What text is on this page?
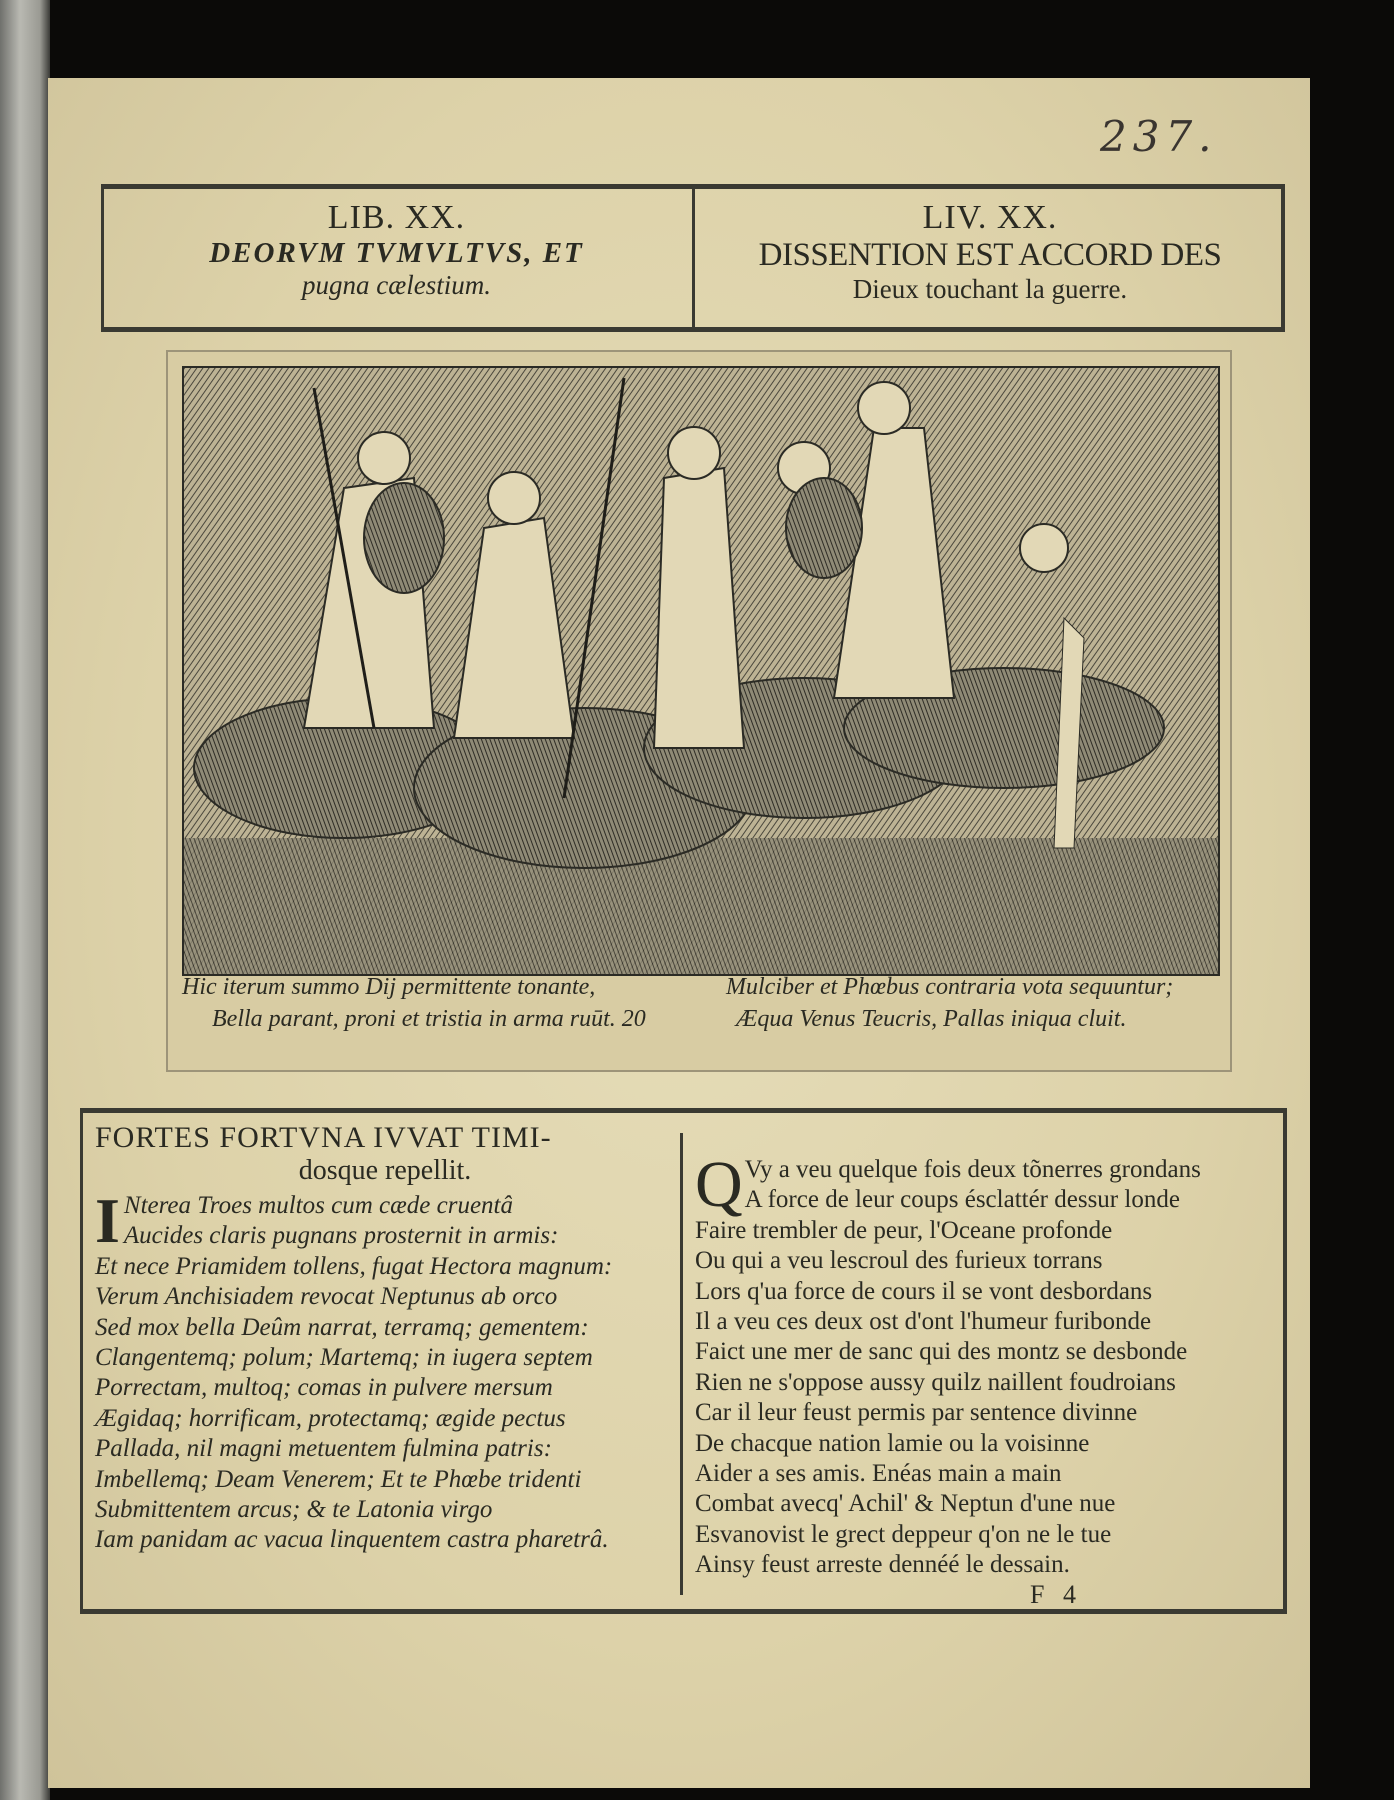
237.
LIB. XX.
DEORVM TVMVLTVS, ET
pugna cælestium.
LIV. XX.
DISSENTION EST ACCORD DES
Dieux touchant la guerre.
Hic iterum summo Dij permittente tonante,
Bella parant, proni et tristia in arma ruūt. 20
Mulciber et Phœbus contraria vota sequuntur;
Æqua Venus Teucris, Pallas iniqua cluit.
FORTES FORTVNA IVVAT TIMI-
dosque repellit.
I Nterea Troes multos cum cæde cruentâ
Aucides claris pugnans prosternit in armis:
Et nece Priamidem tollens, fugat Hectora magnum:
Verum Anchisiadem revocat Neptunus ab orco
Sed mox bella Deûm narrat, terramq; gementem:
Clangentemq; polum; Martemq; in iugera septem
Porrectam, multoq; comas in pulvere mersum
Ægidaq; horrificam, protectamq; ægide pectus
Pallada, nil magni metuentem fulmina patris:
Imbellemq; Deam Venerem; Et te Phœbe tridenti
Submittentem arcus; & te Latonia virgo
Iam panidam ac vacua linquentem castra pharetrâ.
Q Vy a veu quelque fois deux tõnerres grondans
A force de leur coups ésclattér dessur londe
Faire trembler de peur, l'Oceane profonde
Ou qui a veu lescroul des furieux torrans
Lors q'ua force de cours il se vont desbordans
Il a veu ces deux ost d'ont l'humeur furibonde
Faict une mer de sanc qui des montz se desbonde
Rien ne s'oppose aussy quilz naillent foudroians
Car il leur feust permis par sentence divinne
De chacque nation lamie ou la voisinne
Aider a ses amis. Enéas main a main
Combat avecq' Achil' & Neptun d'une nue
Esvanovist le grect deppeur q'on ne le tue
Ainsy feust arreste dennéé le dessain.
F 4
